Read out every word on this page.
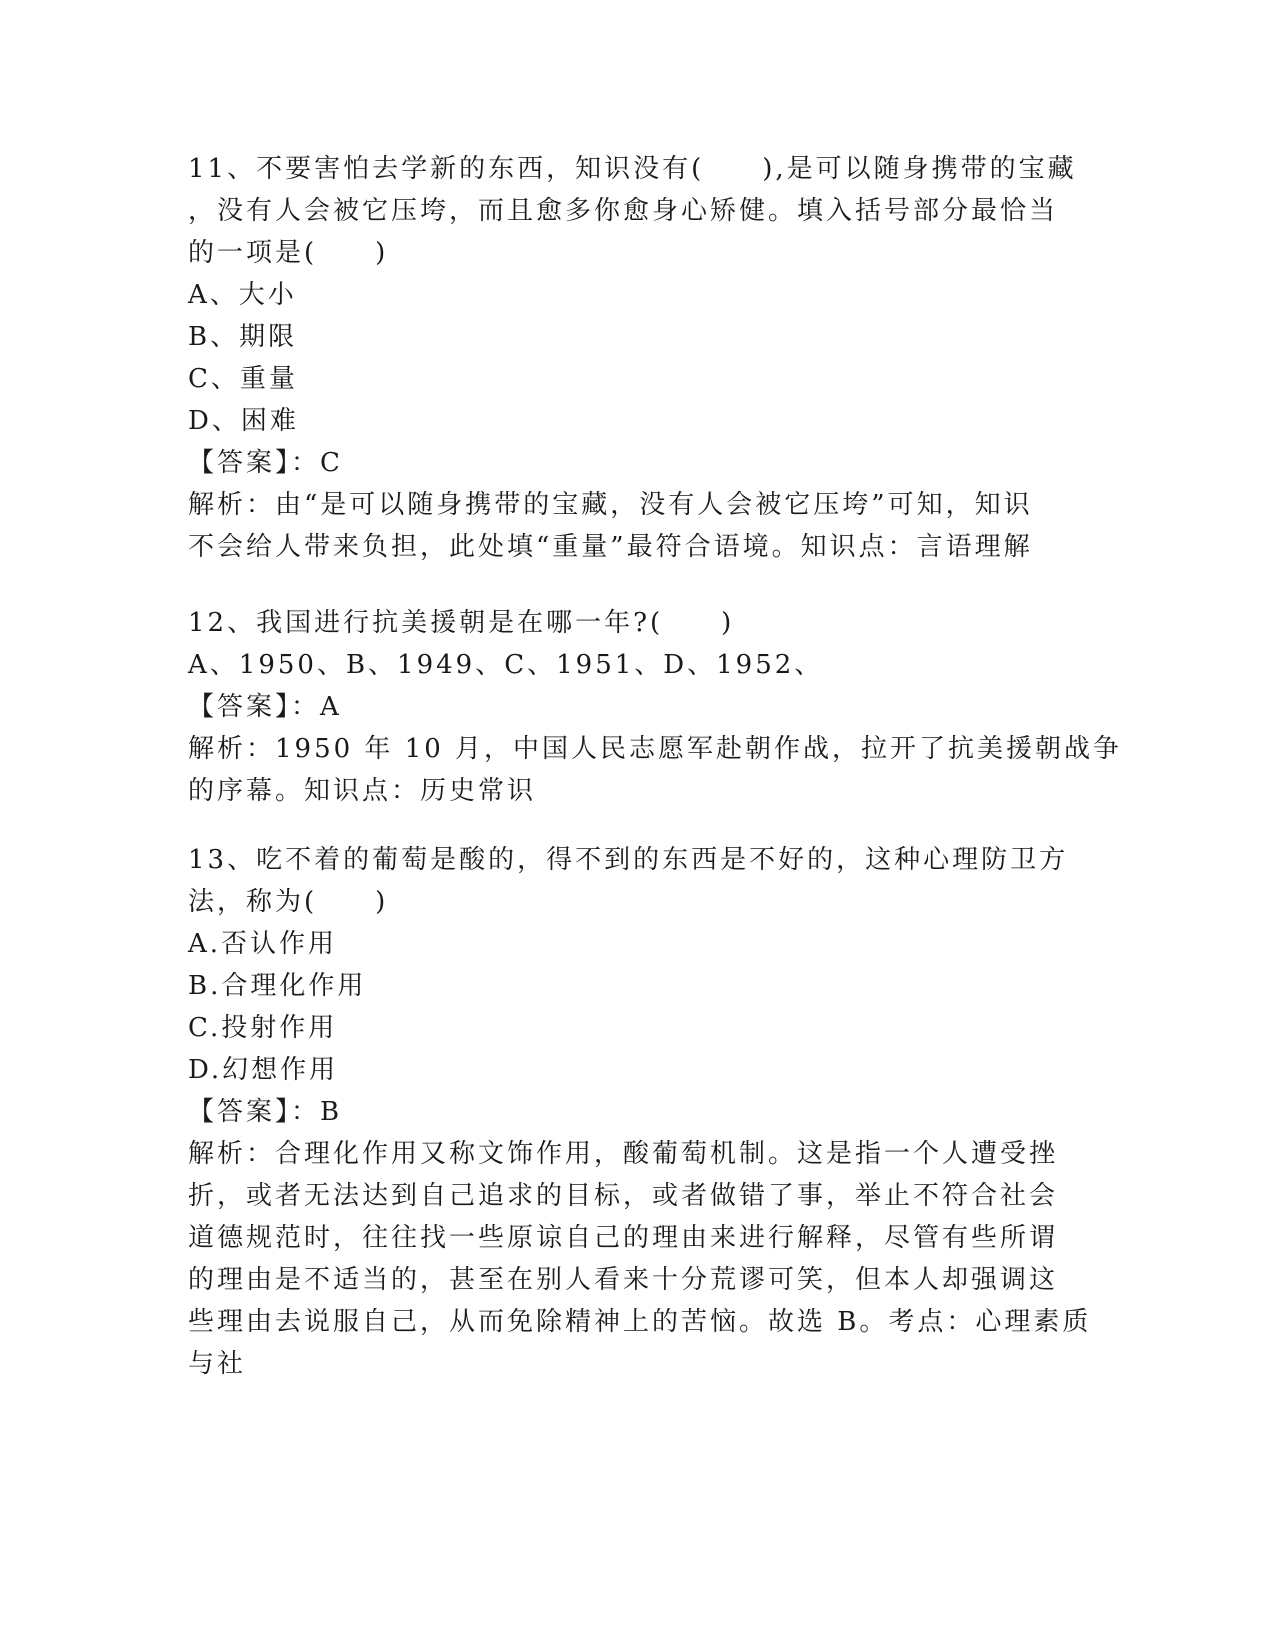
11、不要害怕去学新的东西，知识没有(　　),是可以随身携带的宝藏
，没有人会被它压垮，而且愈多你愈身心矫健。填入括号部分最恰当
的一项是(　　)
A、大小
B、期限
C、重量
D、困难
【答案】：C
解析：由“是可以随身携带的宝藏，没有人会被它压垮”可知，知识
不会给人带来负担，此处填“重量”最符合语境。知识点：言语理解
12、我国进行抗美援朝是在哪一年?(　　)
A、1950、B、1949、C、1951、D、1952、
【答案】：A
解析：1950 年 10 月，中国人民志愿军赴朝作战，拉开了抗美援朝战争
的序幕。知识点：历史常识
13、吃不着的葡萄是酸的，得不到的东西是不好的，这种心理防卫方
法，称为(　　)
A.否认作用
B.合理化作用
C.投射作用
D.幻想作用
【答案】：B
解析：合理化作用又称文饰作用，酸葡萄机制。这是指一个人遭受挫
折，或者无法达到自己追求的目标，或者做错了事，举止不符合社会
道德规范时，往往找一些原谅自己的理由来进行解释，尽管有些所谓
的理由是不适当的，甚至在别人看来十分荒谬可笑，但本人却强调这
些理由去说服自己，从而免除精神上的苦恼。故选 B。考点：心理素质
与社
